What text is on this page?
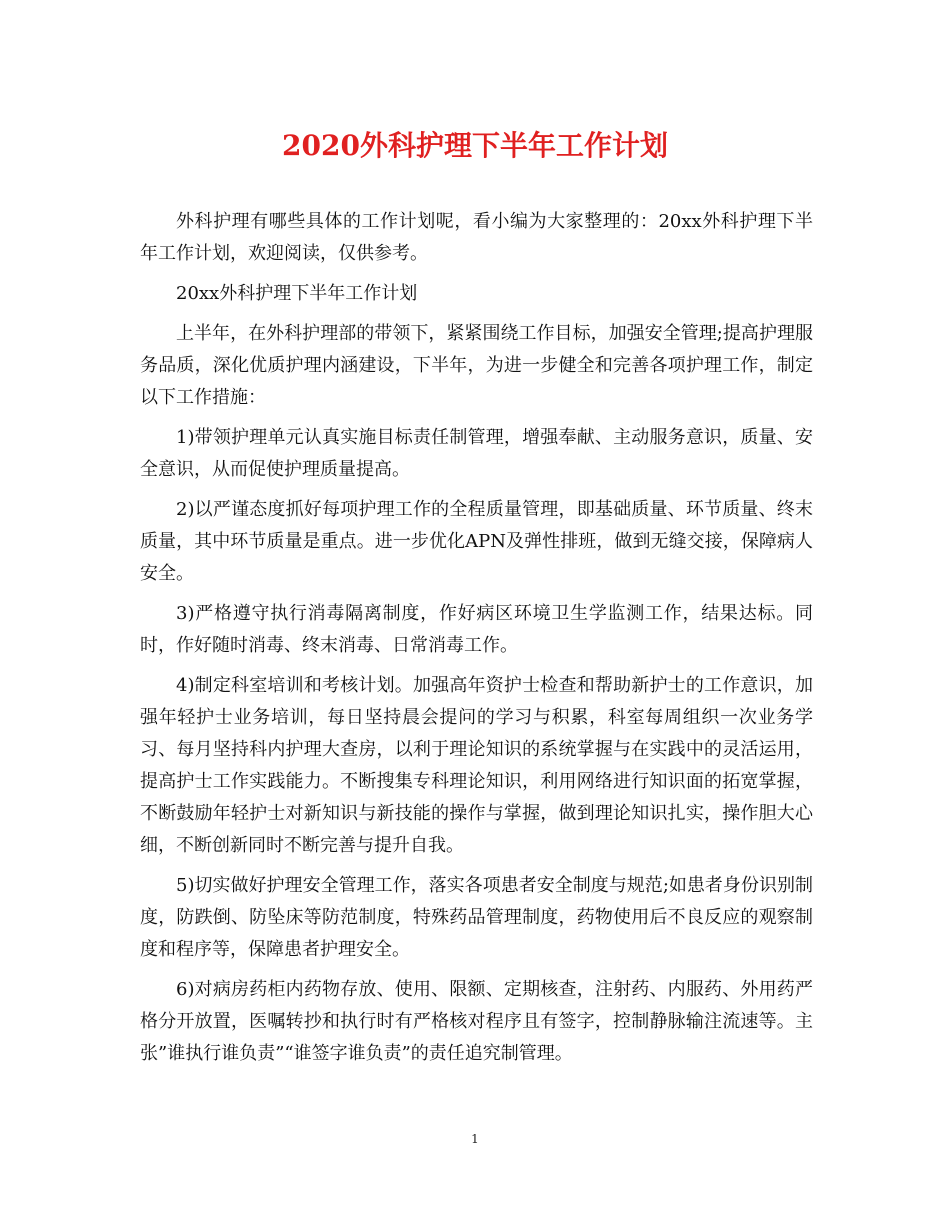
2020外科护理下半年工作计划

外科护理有哪些具体的工作计划呢，看小编为大家整理的：20xx外科护理下半年工作计划，欢迎阅读，仅供参考。

20xx外科护理下半年工作计划

上半年，在外科护理部的带领下，紧紧围绕工作目标，加强安全管理;提高护理服务品质，深化优质护理内涵建设，下半年，为进一步健全和完善各项护理工作，制定以下工作措施：

1)带领护理单元认真实施目标责任制管理，增强奉献、主动服务意识，质量、安全意识，从而促使护理质量提高。

2)以严谨态度抓好每项护理工作的全程质量管理，即基础质量、环节质量、终末质量，其中环节质量是重点。进一步优化APN及弹性排班，做到无缝交接，保障病人安全。

3)严格遵守执行消毒隔离制度，作好病区环境卫生学监测工作，结果达标。同时，作好随时消毒、终末消毒、日常消毒工作。

4)制定科室培训和考核计划。加强高年资护士检查和帮助新护士的工作意识，加强年轻护士业务培训，每日坚持晨会提问的学习与积累，科室每周组织一次业务学习、每月坚持科内护理大查房，以利于理论知识的系统掌握与在实践中的灵活运用，提高护士工作实践能力。不断搜集专科理论知识，利用网络进行知识面的拓宽掌握，不断鼓励年轻护士对新知识与新技能的操作与掌握，做到理论知识扎实，操作胆大心细，不断创新同时不断完善与提升自我。

5)切实做好护理安全管理工作，落实各项患者安全制度与规范;如患者身份识别制度，防跌倒、防坠床等防范制度，特殊药品管理制度，药物使用后不良反应的观察制度和程序等，保障患者护理安全。

6)对病房药柜内药物存放、使用、限额、定期核查，注射药、内服药、外用药严格分开放置，医嘱转抄和执行时有严格核对程序且有签字，控制静脉输注流速等。主张”谁执行谁负责”“谁签字谁负责”的责任追究制管理。

1
